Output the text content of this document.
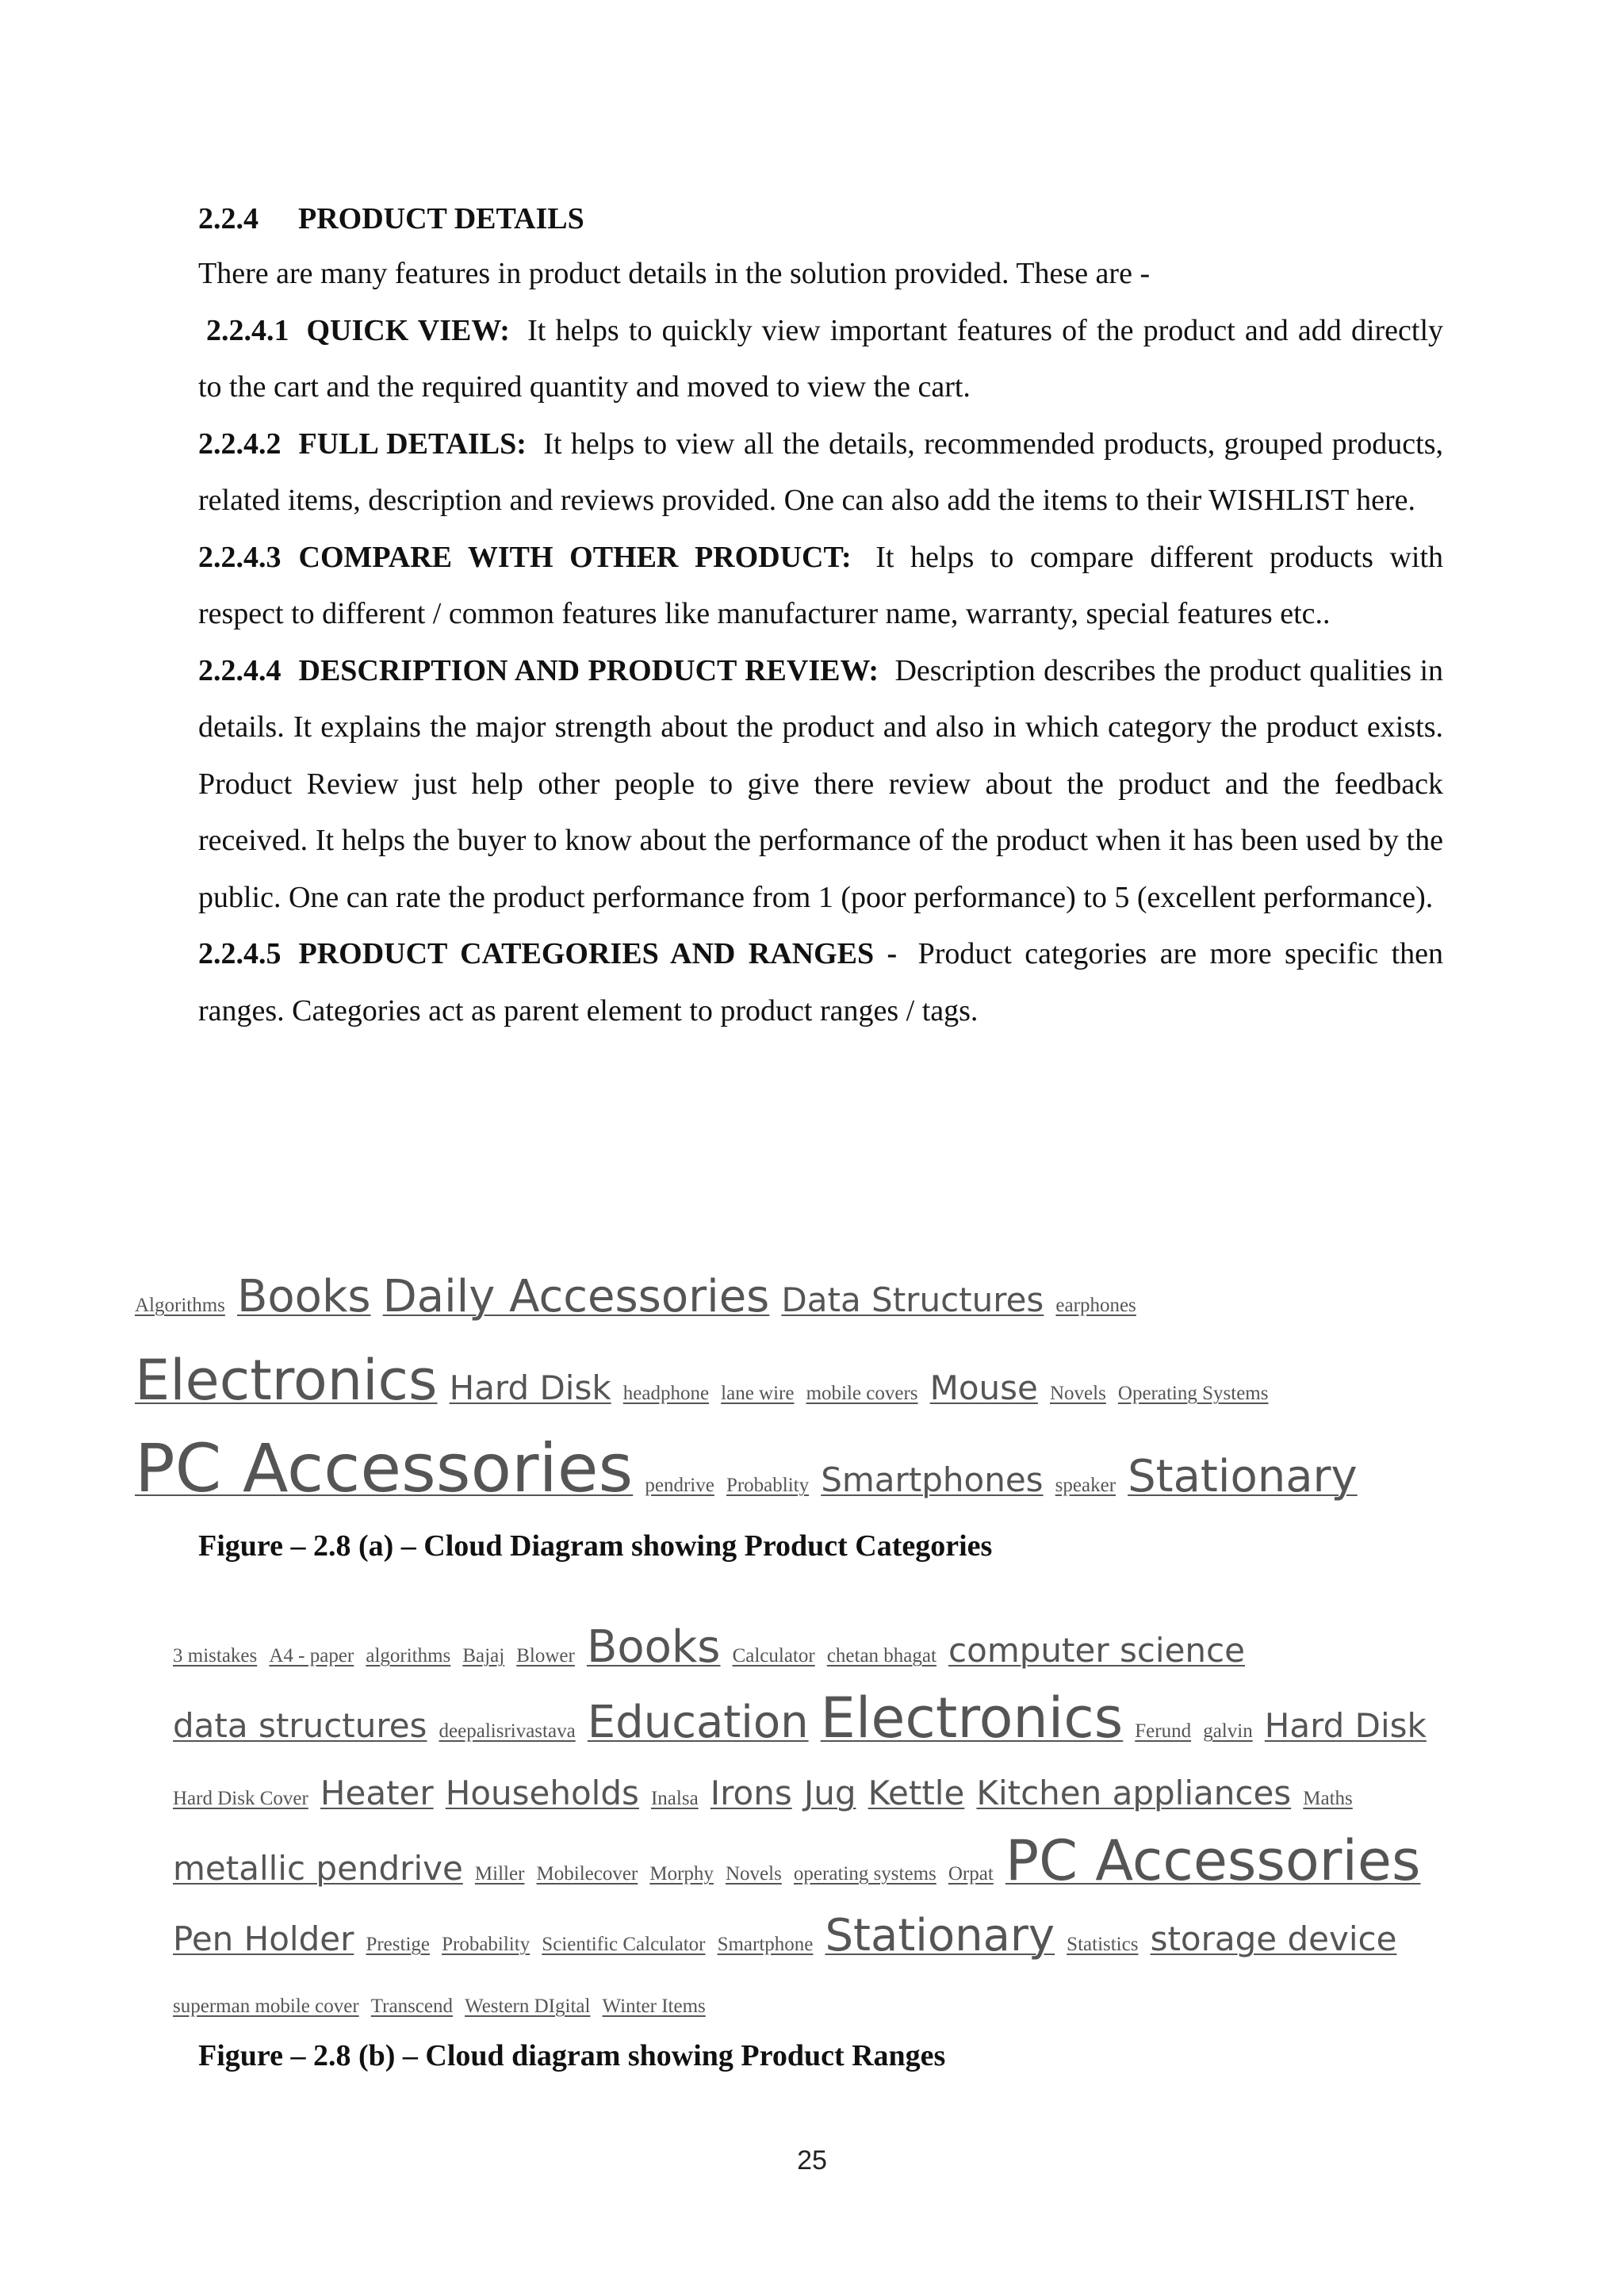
2.2.4 PRODUCT DETAILS

There are many features in product details in the solution provided. These are -

2.2.4.1 QUICK VIEW: It helps to quickly view important features of the product and add directly to the cart and the required quantity and moved to view the cart.

2.2.4.2 FULL DETAILS: It helps to view all the details, recommended products, grouped products, related items, description and reviews provided. One can also add the items to their WISHLIST here.

2.2.4.3 COMPARE WITH OTHER PRODUCT: It helps to compare different products with respect to different / common features like manufacturer name, warranty, special features etc..

2.2.4.4 DESCRIPTION AND PRODUCT REVIEW: Description describes the product qualities in details. It explains the major strength about the product and also in which category the product exists. Product Review just help other people to give there review about the product and the feedback received. It helps the buyer to know about the performance of the product when it has been used by the public. One can rate the product performance from 1 (poor performance) to 5 (excellent performance).

2.2.4.5 PRODUCT CATEGORIES AND RANGES - Product categories are more specific then ranges. Categories act as parent element to product ranges / tags.

Algorithms Books Daily Accessories Data Structures earphones Electronics Hard Disk headphone lane wire mobile covers Mouse Novels Operating Systems PC Accessories pendrive Probablity Smartphones speaker Stationary
Figure – 2.8 (a) – Cloud Diagram showing Product Categories
3 mistakes A4 - paper algorithms Bajaj Blower Books Calculator chetan bhagat computer science data structures deepalisrivastava Education Electronics Ferund galvin Hard Disk Hard Disk Cover Heater Households Inalsa Irons Jug Kettle Kitchen appliances Maths metallic pendrive Miller Mobilecover Morphy Novels operating systems Orpat PC Accessories Pen Holder Prestige Probability Scientific Calculator Smartphone Stationary Statistics storage device superman mobile cover Transcend Western DIgital Winter Items
Figure – 2.8 (b) – Cloud diagram showing Product Ranges
25
